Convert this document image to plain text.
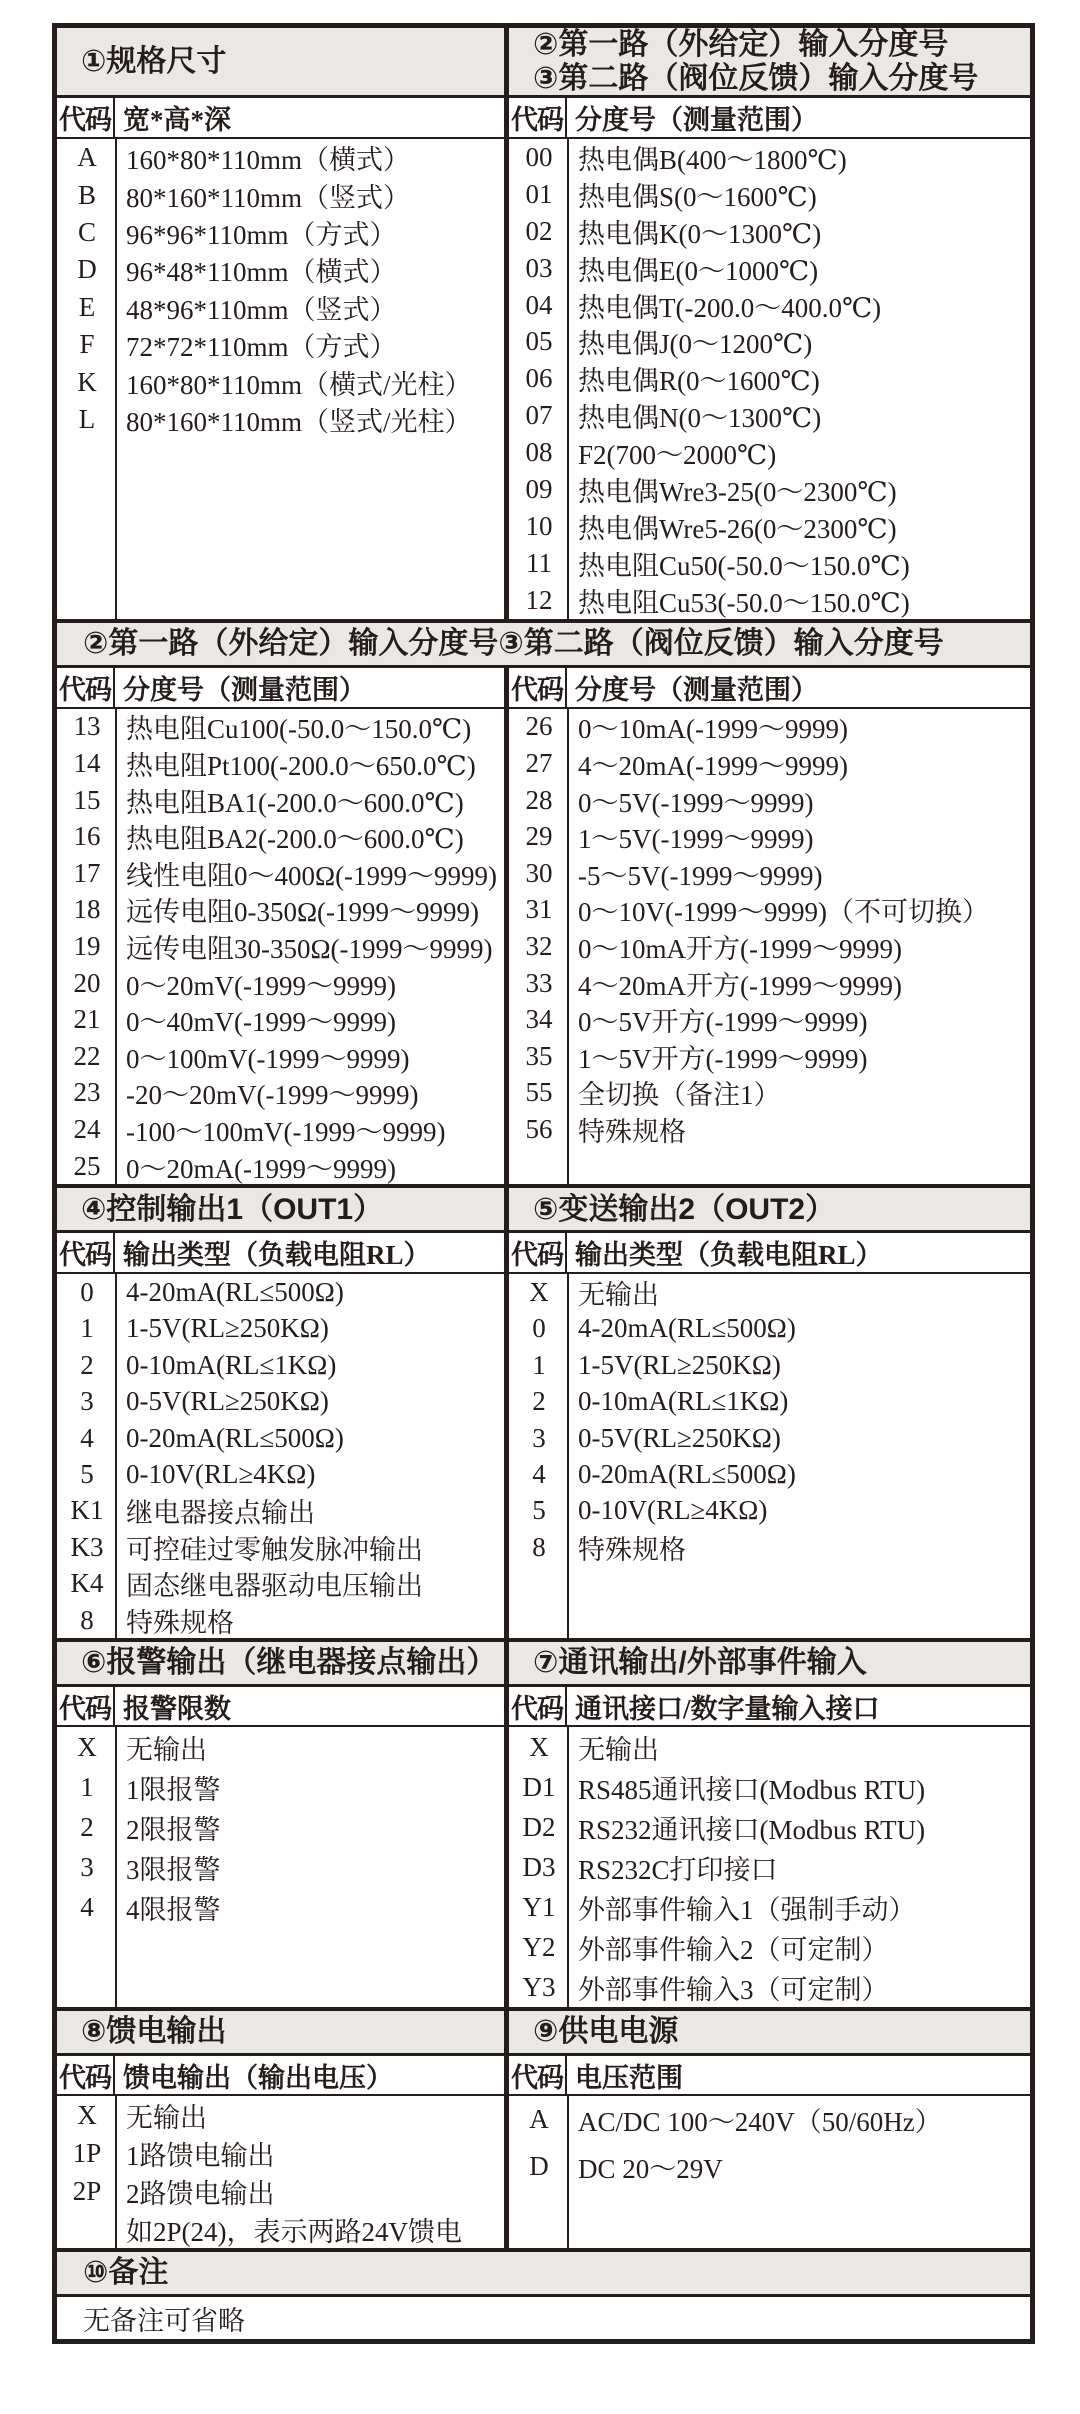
①规格尺寸
代码 宽*高*深
A	160*80*110mm（横式）
B	80*160*110mm（竖式）
C	96*96*110mm（方式）
D	96*48*110mm（横式）
E	48*96*110mm（竖式）
F	72*72*110mm（方式）
K	160*80*110mm（横式/光柱）
L	80*160*110mm（竖式/光柱）
②第一路（外给定）输入分度号
③第二路（阀位反馈）输入分度号
代码 分度号（测量范围）
00 热电偶B(400～1800℃)
01 热电偶S(0～1600℃)
02 热电偶K(0～1300℃)
03 热电偶E(0～1000℃)
04 热电偶T(-200.0～400.0℃)
05 热电偶J(0～1200℃)
06 热电偶R(0～1600℃)
07 热电偶N(0～1300℃)
08 F2(700～2000℃)
09 热电偶Wre3-25(0～2300℃)
10 热电偶Wre5-26(0～2300℃)
11 热电阻Cu50(-50.0～150.0℃)
12 热电阻Cu53(-50.0～150.0℃)
②第一路（外给定）输入分度号③第二路（阀位反馈）输入分度号
代码 分度号（测量范围）
13 热电阻Cu100(-50.0～150.0℃)
14 热电阻Pt100(-200.0～650.0℃)
15 热电阻BA1(-200.0～600.0℃)
16 热电阻BA2(-200.0～600.0℃)
17 线性电阻0～400Ω(-1999～9999)
18 远传电阻0-350Ω(-1999～9999)
19 远传电阻30-350Ω(-1999～9999)
20 0～20mV(-1999～9999)
21 0～40mV(-1999～9999)
22 0～100mV(-1999～9999)
23 -20～20mV(-1999～9999)
24 -100～100mV(-1999～9999)
25 0～20mA(-1999～9999)
代码 分度号（测量范围）
26 0～10mA(-1999～9999)
27 4～20mA(-1999～9999)
28 0～5V(-1999～9999)
29 1～5V(-1999～9999)
30 -5～5V(-1999～9999)
31 0～10V(-1999～9999)（不可切换）
32 0～10mA开方(-1999～9999)
33 4～20mA开方(-1999～9999)
34 0～5V开方(-1999～9999)
35 1～5V开方(-1999～9999)
55 全切换（备注1）
56 特殊规格
④控制输出1（OUT1）
代码 输出类型（负载电阻RL）
0	4-20mA(RL≤500Ω)
1	1-5V(RL≥250KΩ)
2	0-10mA(RL≤1KΩ)
3	0-5V(RL≥250KΩ)
4	0-20mA(RL≤500Ω)
5	0-10V(RL≥4KΩ)
K1 继电器接点输出
K3 可控硅过零触发脉冲输出
K4 固态继电器驱动电压输出
8	特殊规格
⑤变送输出2（OUT2）
代码 输出类型（负载电阻RL）
X	无输出
0	4-20mA(RL≤500Ω)
1	1-5V(RL≥250KΩ)
2	0-10mA(RL≤1KΩ)
3	0-5V(RL≥250KΩ)
4	0-20mA(RL≤500Ω)
5	0-10V(RL≥4KΩ)
8	特殊规格
⑥报警输出（继电器接点输出）
代码 报警限数
X	无输出
1	1限报警
2	2限报警
3	3限报警
4	4限报警
⑦通讯输出/外部事件输入
代码 通讯接口/数字量输入接口
X	无输出
D1 RS485通讯接口(Modbus RTU)
D2 RS232通讯接口(Modbus RTU)
D3 RS232C打印接口
Y1 外部事件输入1（强制手动）
Y2 外部事件输入2（可定制）
Y3 外部事件输入3（可定制）
⑧馈电输出
代码 馈电输出（输出电压）
X	无输出
1P 1路馈电输出
2P 2路馈电输出
如2P(24)，表示两路24V馈电
⑨供电电源
代码 电压范围
A	AC/DC 100～240V（50/60Hz）
D	DC 20～29V
⑩备注
无备注可省略
